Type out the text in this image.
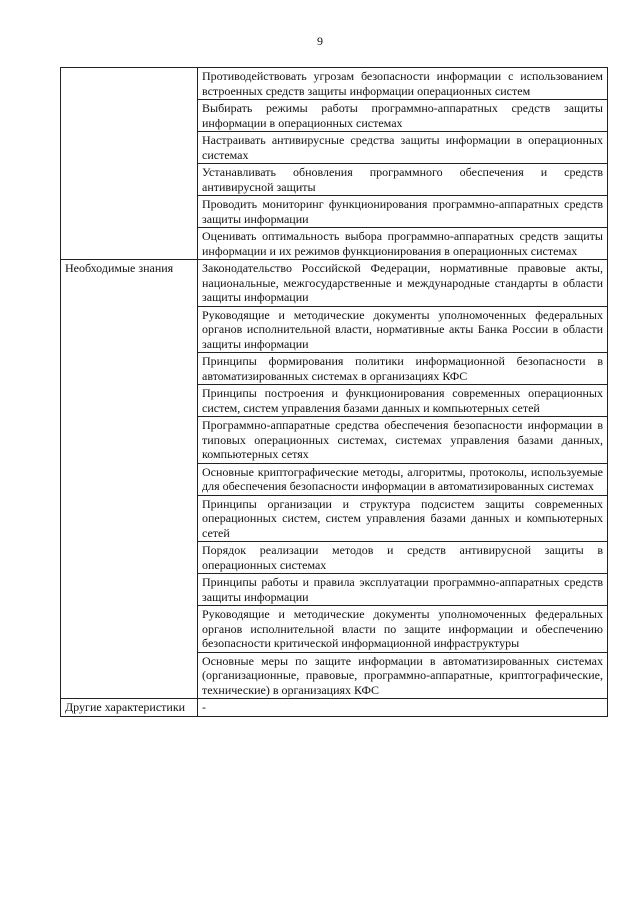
9
	Противодействовать угрозам безопасности информации с использованием встроенных средств защиты информации операционных систем
	Выбирать режимы работы программно-аппаратных средств защиты информации в операционных системах
	Настраивать антивирусные средства защиты информации в операционных системах
	Устанавливать обновления программного обеспечения и средств антивирусной защиты
	Проводить мониторинг функционирования программно-аппаратных средств защиты информации
	Оценивать оптимальность выбора программно-аппаратных средств защиты информации и их режимов функционирования в операционных системах
Необходимые знания	Законодательство Российской Федерации, нормативные правовые акты, национальные, межгосударственные и международные стандарты в области защиты информации
	Руководящие и методические документы уполномоченных федеральных органов исполнительной власти, нормативные акты Банка России в области защиты информации
	Принципы формирования политики информационной безопасности в автоматизированных системах в организациях КФС
	Принципы построения и функционирования современных операционных систем, систем управления базами данных и компьютерных сетей
	Программно-аппаратные средства обеспечения безопасности информации в типовых операционных системах, системах управления базами данных, компьютерных сетях
	Основные криптографические методы, алгоритмы, протоколы, используемые для обеспечения безопасности информации в автоматизированных системах
	Принципы организации и структура подсистем защиты современных операционных систем, систем управления базами данных и компьютерных сетей
	Порядок реализации методов и средств антивирусной защиты в операционных системах
	Принципы работы и правила эксплуатации программно-аппаратных средств защиты информации
	Руководящие и методические документы уполномоченных федеральных органов исполнительной власти по защите информации и обеспечению безопасности критической информационной инфраструктуры
	Основные меры по защите информации в автоматизированных системах (организационные, правовые, программно-аппаратные, криптографические, технические) в организациях КФС
Другие характеристики	-
